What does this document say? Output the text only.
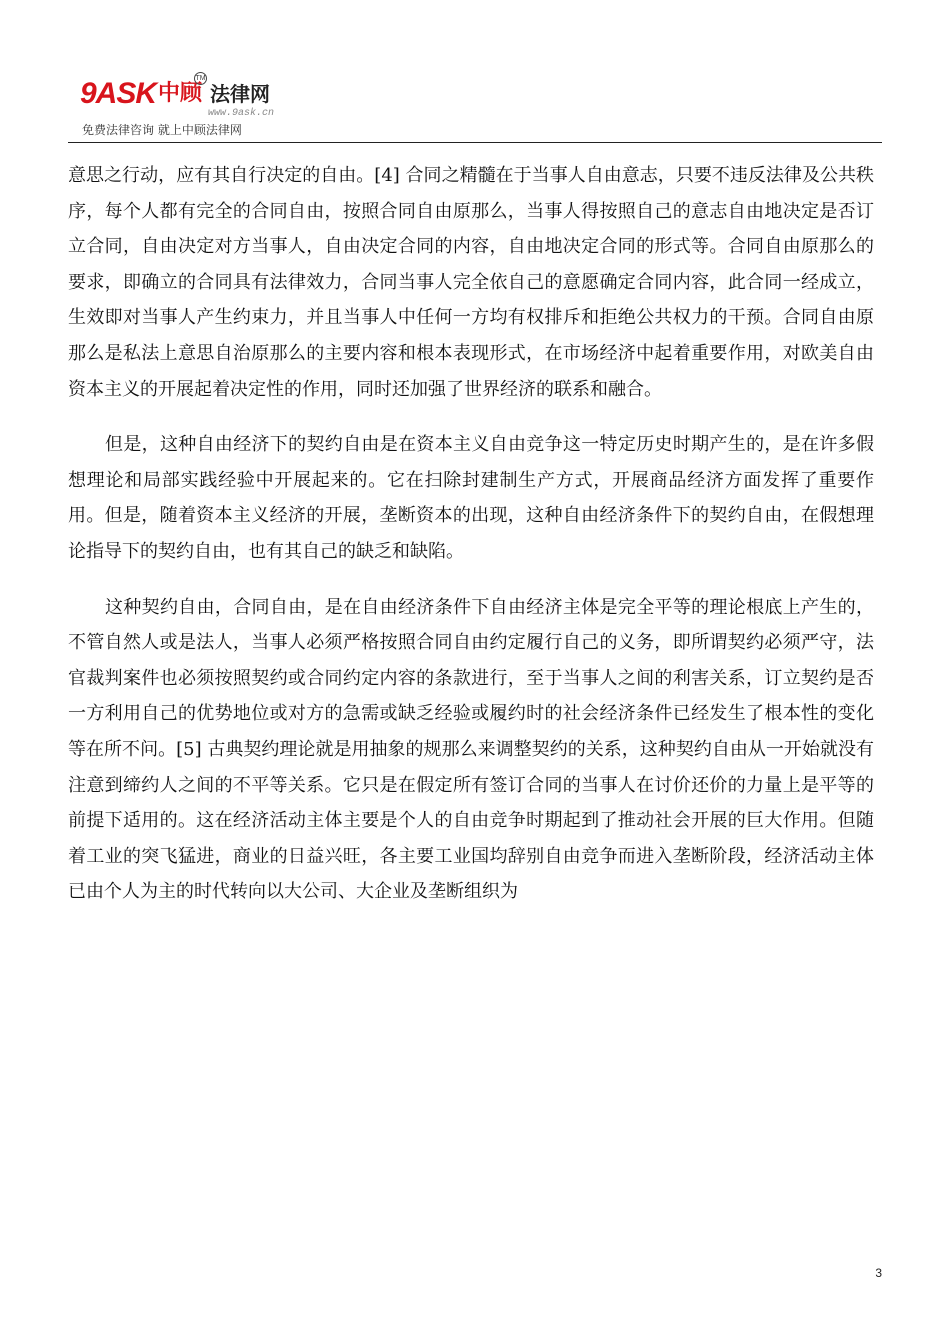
9ASK 中顾 法律网
TM
www.9ask.cn
免费法律咨询 就上中顾法律网

意思之行动，应有其自行决定的自由。[4] 合同之精髓在于当事人自由意志，只要不违反法律及公共秩序，每个人都有完全的合同自由，按照合同自由原那么，当事人得按照自己的意志自由地决定是否订立合同，自由决定对方当事人，自由决定合同的内容，自由地决定合同的形式等。合同自由原那么的要求，即确立的合同具有法律效力，合同当事人完全依自己的意愿确定合同内容，此合同一经成立，生效即对当事人产生约束力，并且当事人中任何一方均有权排斥和拒绝公共权力的干预。合同自由原那么是私法上意思自治原那么的主要内容和根本表现形式，在市场经济中起着重要作用，对欧美自由资本主义的开展起着决定性的作用，同时还加强了世界经济的联系和融合。

但是，这种自由经济下的契约自由是在资本主义自由竞争这一特定历史时期产生的，是在许多假想理论和局部实践经验中开展起来的。它在扫除封建制生产方式，开展商品经济方面发挥了重要作用。但是，随着资本主义经济的开展，垄断资本的出现，这种自由经济条件下的契约自由，在假想理论指导下的契约自由，也有其自己的缺乏和缺陷。

这种契约自由，合同自由，是在自由经济条件下自由经济主体是完全平等的理论根底上产生的，不管自然人或是法人，当事人必须严格按照合同自由约定履行自己的义务，即所谓契约必须严守，法官裁判案件也必须按照契约或合同约定内容的条款进行，至于当事人之间的利害关系，订立契约是否一方利用自己的优势地位或对方的急需或缺乏经验或履约时的社会经济条件已经发生了根本性的变化等在所不问。[5] 古典契约理论就是用抽象的规那么来调整契约的关系，这种契约自由从一开始就没有注意到缔约人之间的不平等关系。它只是在假定所有签订合同的当事人在讨价还价的力量上是平等的前提下适用的。这在经济活动主体主要是个人的自由竞争时期起到了推动社会开展的巨大作用。但随着工业的突飞猛进，商业的日益兴旺，各主要工业国均辞别自由竞争而进入垄断阶段，经济活动主体已由个人为主的时代转向以大公司、大企业及垄断组织为

3
